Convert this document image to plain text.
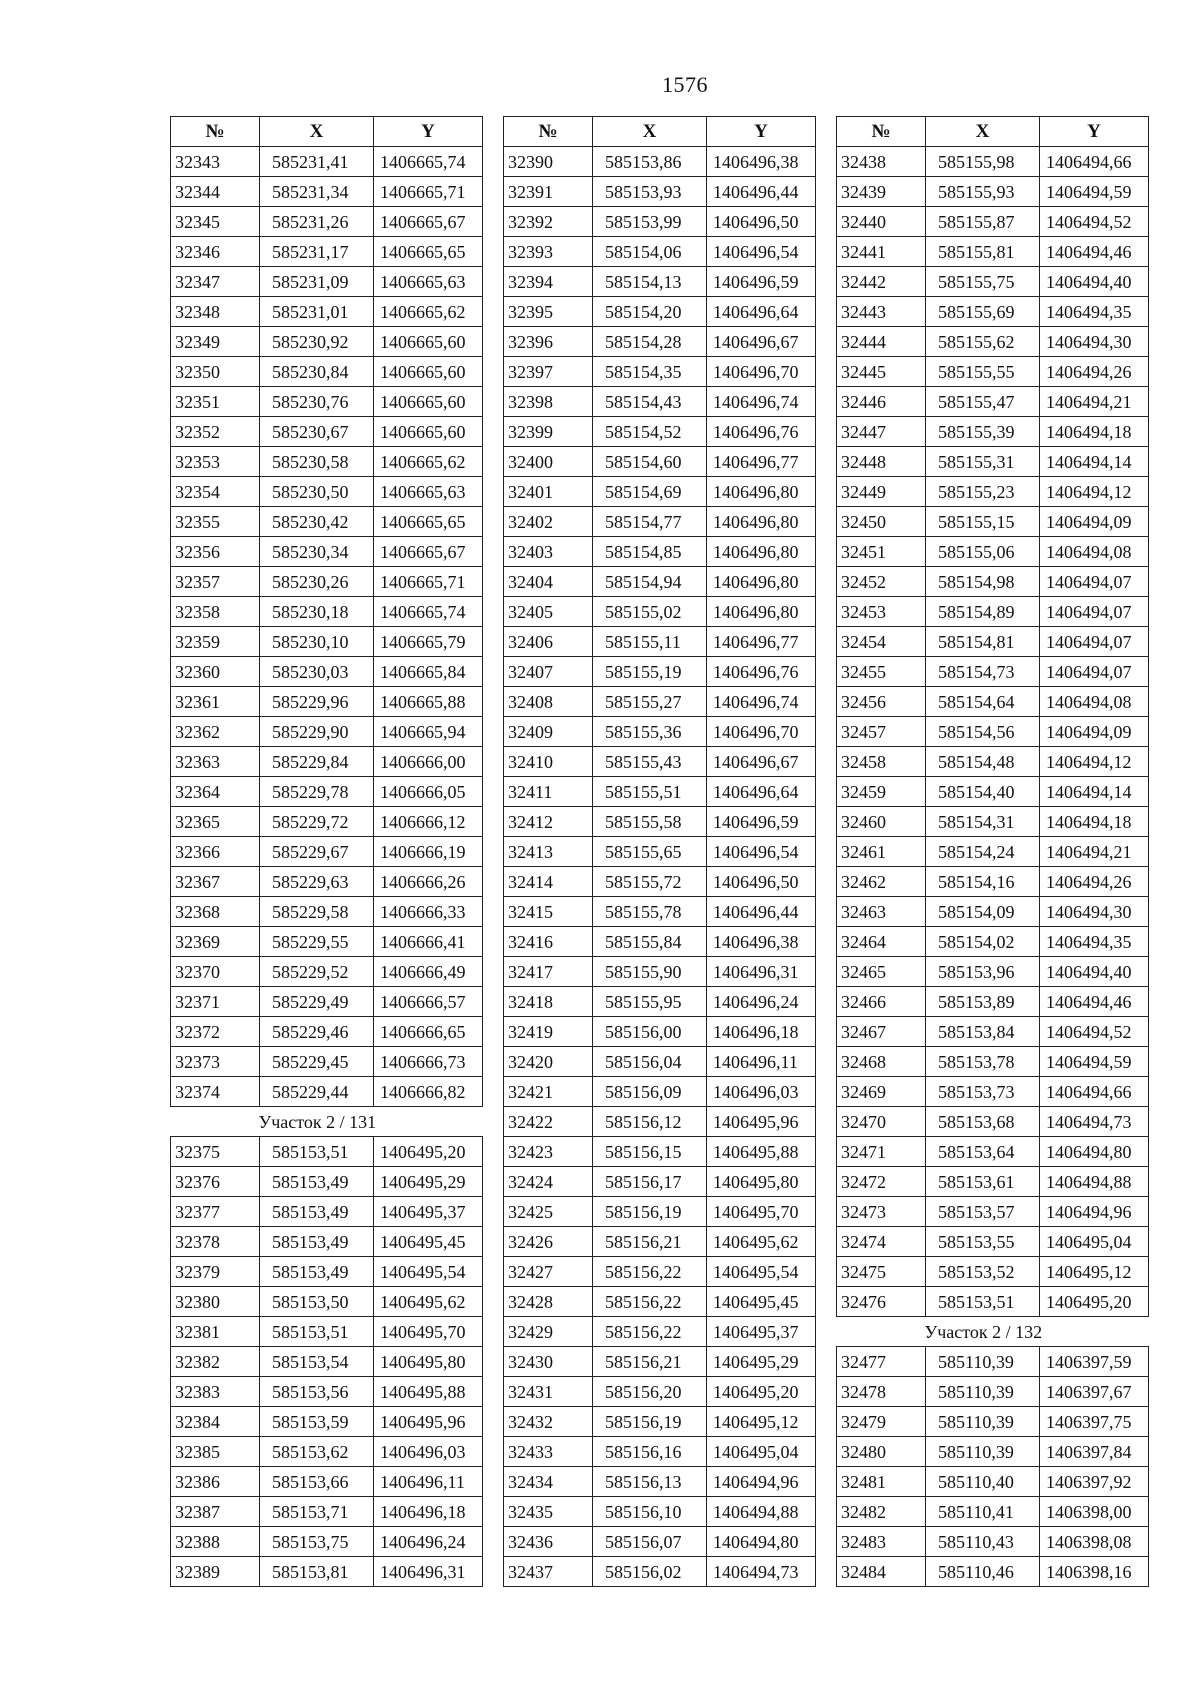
1576
№	X	Y
32343	585231,41	1406665,74
32344	585231,34	1406665,71
32345	585231,26	1406665,67
32346	585231,17	1406665,65
32347	585231,09	1406665,63
32348	585231,01	1406665,62
32349	585230,92	1406665,60
32350	585230,84	1406665,60
32351	585230,76	1406665,60
32352	585230,67	1406665,60
32353	585230,58	1406665,62
32354	585230,50	1406665,63
32355	585230,42	1406665,65
32356	585230,34	1406665,67
32357	585230,26	1406665,71
32358	585230,18	1406665,74
32359	585230,10	1406665,79
32360	585230,03	1406665,84
32361	585229,96	1406665,88
32362	585229,90	1406665,94
32363	585229,84	1406666,00
32364	585229,78	1406666,05
32365	585229,72	1406666,12
32366	585229,67	1406666,19
32367	585229,63	1406666,26
32368	585229,58	1406666,33
32369	585229,55	1406666,41
32370	585229,52	1406666,49
32371	585229,49	1406666,57
32372	585229,46	1406666,65
32373	585229,45	1406666,73
32374	585229,44	1406666,82
Участок 2 / 131		
32375	585153,51	1406495,20
32376	585153,49	1406495,29
32377	585153,49	1406495,37
32378	585153,49	1406495,45
32379	585153,49	1406495,54
32380	585153,50	1406495,62
32381	585153,51	1406495,70
32382	585153,54	1406495,80
32383	585153,56	1406495,88
32384	585153,59	1406495,96
32385	585153,62	1406496,03
32386	585153,66	1406496,11
32387	585153,71	1406496,18
32388	585153,75	1406496,24
32389	585153,81	1406496,31
№	X	Y
32390	585153,86	1406496,38
32391	585153,93	1406496,44
32392	585153,99	1406496,50
32393	585154,06	1406496,54
32394	585154,13	1406496,59
32395	585154,20	1406496,64
32396	585154,28	1406496,67
32397	585154,35	1406496,70
32398	585154,43	1406496,74
32399	585154,52	1406496,76
32400	585154,60	1406496,77
32401	585154,69	1406496,80
32402	585154,77	1406496,80
32403	585154,85	1406496,80
32404	585154,94	1406496,80
32405	585155,02	1406496,80
32406	585155,11	1406496,77
32407	585155,19	1406496,76
32408	585155,27	1406496,74
32409	585155,36	1406496,70
32410	585155,43	1406496,67
32411	585155,51	1406496,64
32412	585155,58	1406496,59
32413	585155,65	1406496,54
32414	585155,72	1406496,50
32415	585155,78	1406496,44
32416	585155,84	1406496,38
32417	585155,90	1406496,31
32418	585155,95	1406496,24
32419	585156,00	1406496,18
32420	585156,04	1406496,11
32421	585156,09	1406496,03
32422	585156,12	1406495,96
32423	585156,15	1406495,88
32424	585156,17	1406495,80
32425	585156,19	1406495,70
32426	585156,21	1406495,62
32427	585156,22	1406495,54
32428	585156,22	1406495,45
32429	585156,22	1406495,37
32430	585156,21	1406495,29
32431	585156,20	1406495,20
32432	585156,19	1406495,12
32433	585156,16	1406495,04
32434	585156,13	1406494,96
32435	585156,10	1406494,88
32436	585156,07	1406494,80
32437	585156,02	1406494,73
№	X	Y
32438	585155,98	1406494,66
32439	585155,93	1406494,59
32440	585155,87	1406494,52
32441	585155,81	1406494,46
32442	585155,75	1406494,40
32443	585155,69	1406494,35
32444	585155,62	1406494,30
32445	585155,55	1406494,26
32446	585155,47	1406494,21
32447	585155,39	1406494,18
32448	585155,31	1406494,14
32449	585155,23	1406494,12
32450	585155,15	1406494,09
32451	585155,06	1406494,08
32452	585154,98	1406494,07
32453	585154,89	1406494,07
32454	585154,81	1406494,07
32455	585154,73	1406494,07
32456	585154,64	1406494,08
32457	585154,56	1406494,09
32458	585154,48	1406494,12
32459	585154,40	1406494,14
32460	585154,31	1406494,18
32461	585154,24	1406494,21
32462	585154,16	1406494,26
32463	585154,09	1406494,30
32464	585154,02	1406494,35
32465	585153,96	1406494,40
32466	585153,89	1406494,46
32467	585153,84	1406494,52
32468	585153,78	1406494,59
32469	585153,73	1406494,66
32470	585153,68	1406494,73
32471	585153,64	1406494,80
32472	585153,61	1406494,88
32473	585153,57	1406494,96
32474	585153,55	1406495,04
32475	585153,52	1406495,12
32476	585153,51	1406495,20
Участок 2 / 132		
32477	585110,39	1406397,59
32478	585110,39	1406397,67
32479	585110,39	1406397,75
32480	585110,39	1406397,84
32481	585110,40	1406397,92
32482	585110,41	1406398,00
32483	585110,43	1406398,08
32484	585110,46	1406398,16
